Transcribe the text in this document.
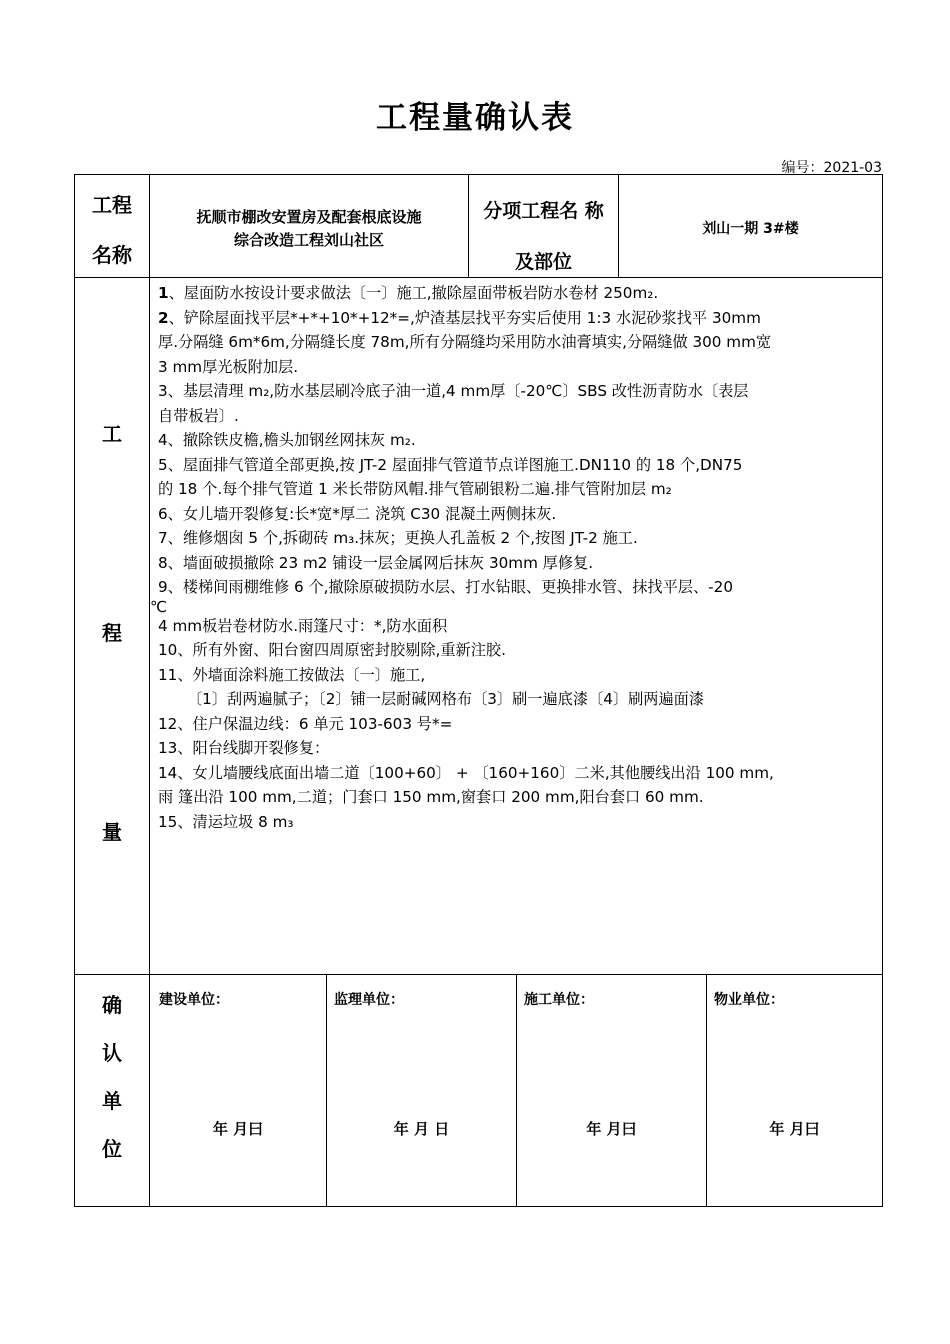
工程量确认表
编号：2021-03
工程
名称
抚顺市棚改安置房及配套根底设施
综合改造工程刘山社区
分项工程名 称
及部位
刘山一期 3#楼
工
程
量
1、屋面防水按设计要求做法〔一〕施工,撤除屋面带板岩防水卷材 250m₂.
2、铲除屋面找平层*+*+10*+12*=,炉渣基层找平夯实后使用 1:3 水泥砂浆找平 30mm
厚.分隔缝 6m*6m,分隔缝长度 78m,所有分隔缝均采用防水油膏填实,分隔缝做 300 mm宽
3 mm厚光板附加层.
3、基层清理 m₂,防水基层刷冷底子油一道,4 mm厚〔-20℃〕SBS 改性沥青防水〔表层
自带板岩〕.
4、撤除铁皮檐,檐头加钢丝网抹灰 m₂.
5、屋面排气管道全部更换,按 JT-2 屋面排气管道节点详图施工.DN110 的 18 个,DN75
的 18 个.每个排气管道 1 米长带防风帽.排气管刷银粉二遍.排气管附加层 m₂
6、女儿墙开裂修复:长*宽*厚二 浇筑 C30 混凝土两侧抹灰.
7、维修烟囱 5 个,拆砌砖 m₃.抹灰；更换人孔盖板 2 个,按图 JT-2 施工.
8、墙面破损撤除 23 m2 铺设一层金属网后抹灰 30mm 厚修复.
9、楼梯间雨棚维修 6 个,撤除原破损防水层、打水钻眼、更换排水管、抹找平层、-20
℃
4 mm板岩卷材防水.雨篷尺寸：*,防水面积
10、所有外窗、阳台窗四周原密封胶剔除,重新注胶.
11、外墙面涂料施工按做法〔一〕施工,
〔1〕刮两遍腻子；〔2〕铺一层耐碱网格布〔3〕刷一遍底漆〔4〕刷两遍面漆
12、住户保温边线：6 单元 103-603 号*=
13、阳台线脚开裂修复：
14、女儿墙腰线底面出墙二道〔100+60〕 + 〔160+160〕二米,其他腰线出沿 100 mm,
雨 篷出沿 100 mm,二道；门套口 150 mm,窗套口 200 mm,阳台套口 60 mm.
15、清运垃圾 8 m₃
确
认
单
位
建设单位：
年 月曰
监理单位：
年 月 日
施工单位：
年 月曰
物业单位：
年 月曰
